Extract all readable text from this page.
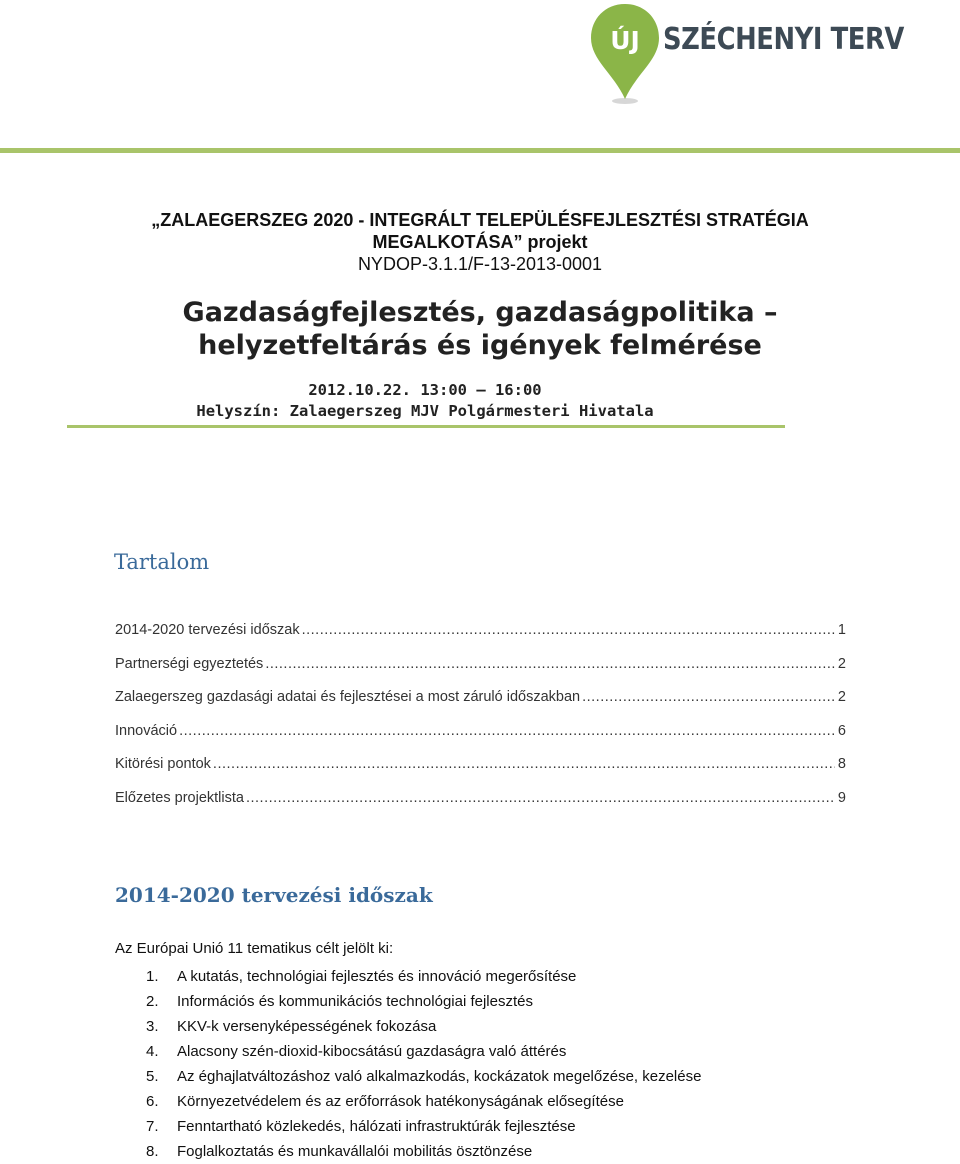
ÚJ SZÉCHENYI TERV
„ZALAEGERSZEG 2020 - INTEGRÁLT TELEPÜLÉSFEJLESZTÉSI STRATÉGIA
MEGALKOTÁSA” projekt
NYDOP-3.1.1/F-13-2013-0001
Gazdaságfejlesztés, gazdaságpolitika –
helyzetfeltárás és igények felmérése
2012.10.22. 13:00 – 16:00
Helyszín: Zalaegerszeg MJV Polgármesteri Hivatala
Tartalom
2014-2020 tervezési időszak .....	1
Partnerségi egyeztetés .....	2
Zalaegerszeg gazdasági adatai és fejlesztései a most záruló időszakban .....	2
Innováció .....	6
Kitörési pontok .....	8
Előzetes projektlista .....	9
2014-2020 tervezési időszak
Az Európai Unió 11 tematikus célt jelölt ki:
1. A kutatás, technológiai fejlesztés és innováció megerősítése
2. Információs és kommunikációs technológiai fejlesztés
3. KKV-k versenyképességének fokozása
4. Alacsony szén-dioxid-kibocsátású gazdaságra való áttérés
5. Az éghajlatváltozáshoz való alkalmazkodás, kockázatok megelőzése, kezelése
6. Környezetvédelem és az erőforrások hatékonyságának elősegítése
7. Fenntartható közlekedés, hálózati infrastruktúrák fejlesztése
8. Foglalkoztatás és munkavállalói mobilitás ösztönzése
